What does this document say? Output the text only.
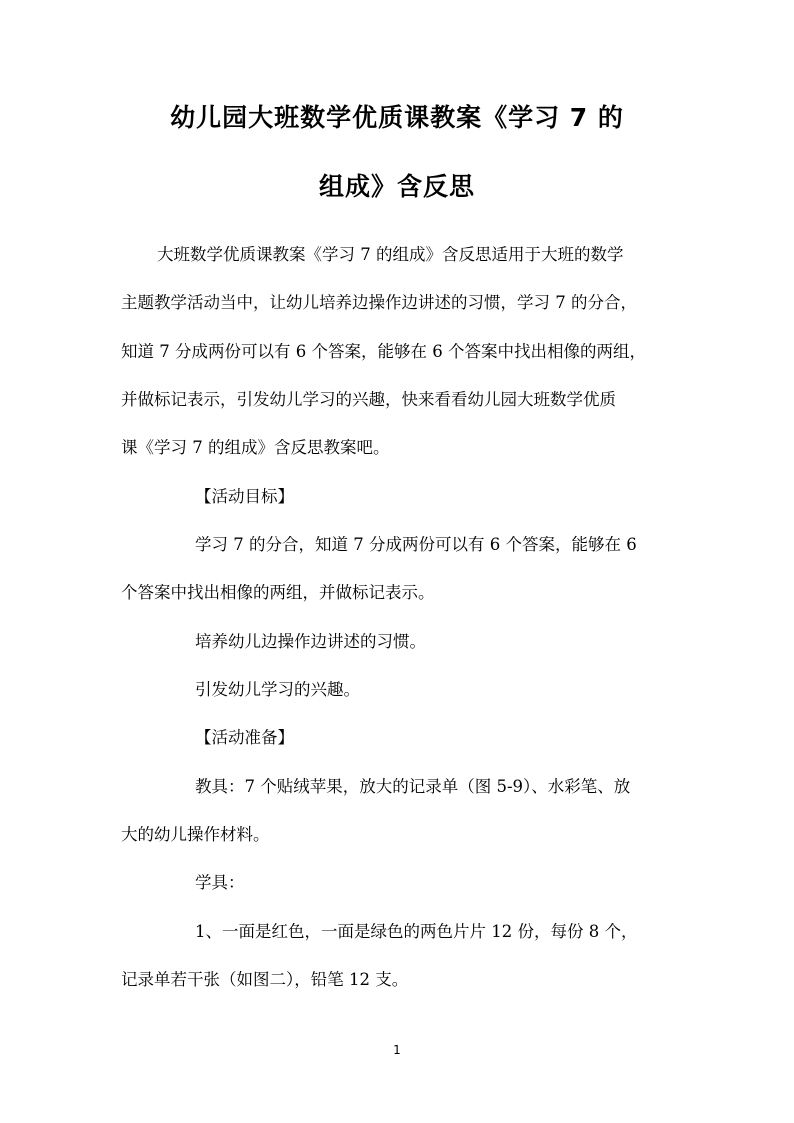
幼儿园大班数学优质课教案《学习 7 的
组成》含反思
大班数学优质课教案《学习 7 的组成》含反思适用于大班的数学
主题教学活动当中，让幼儿培养边操作边讲述的习惯，学习 7 的分合，
知道 7 分成两份可以有 6 个答案，能够在 6 个答案中找出相像的两组，
并做标记表示，引发幼儿学习的兴趣，快来看看幼儿园大班数学优质
课《学习 7 的组成》含反思教案吧。
【活动目标】
学习 7 的分合，知道 7 分成两份可以有 6 个答案，能够在 6
个答案中找出相像的两组，并做标记表示。
培养幼儿边操作边讲述的习惯。
引发幼儿学习的兴趣。
【活动准备】
教具：7 个贴绒苹果，放大的记录单（图 5-9）、水彩笔、放
大的幼儿操作材料。
学具：
1、一面是红色，一面是绿色的两色片片 12 份，每份 8 个，
记录单若干张（如图二），铅笔 12 支。
1
